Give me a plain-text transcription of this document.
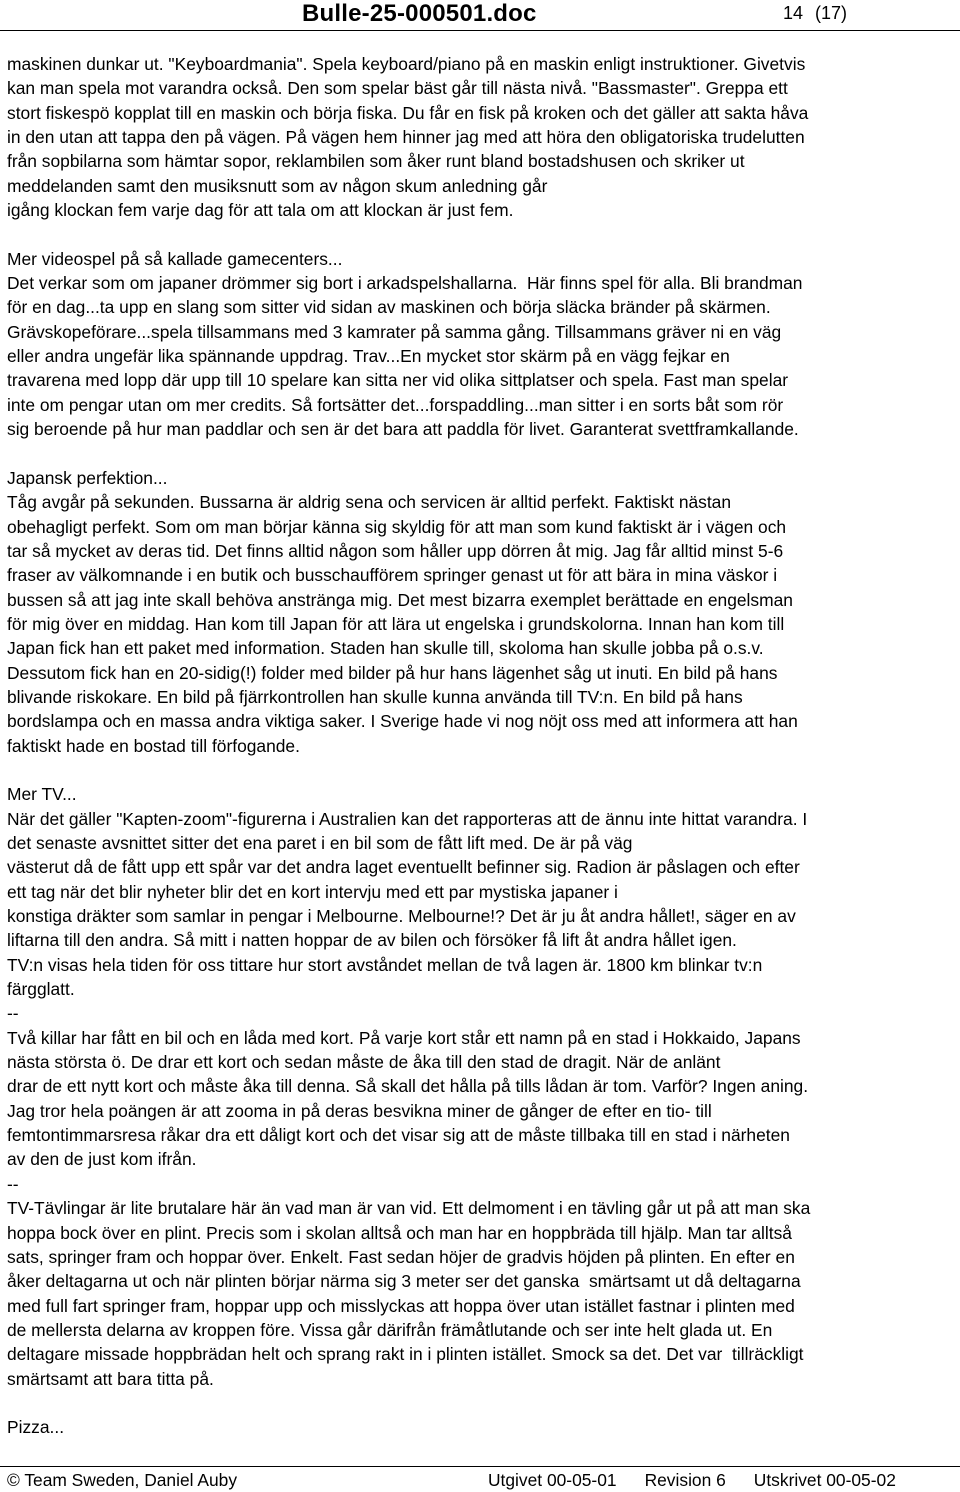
Bulle-25-000501.doc	14 (17)
maskinen dunkar ut. "Keyboardmania". Spela keyboard/piano på en maskin enligt instruktioner. Givetvis
kan man spela mot varandra också. Den som spelar bäst går till nästa nivå. "Bassmaster". Greppa ett
stort fiskespö kopplat till en maskin och börja fiska. Du får en fisk på kroken och det gäller att sakta håva
in den utan att tappa den på vägen. På vägen hem hinner jag med att höra den obligatoriska trudelutten
från sopbilarna som hämtar sopor, reklambilen som åker runt bland bostadshusen och skriker ut
meddelanden samt den musiksnutt som av någon skum anledning går
igång klockan fem varje dag för att tala om att klockan är just fem.
Mer videospel på så kallade gamecenters...
Det verkar som om japaner drömmer sig bort i arkadspelshallarna.  Här finns spel för alla. Bli brandman
för en dag...ta upp en slang som sitter vid sidan av maskinen och börja släcka bränder på skärmen.
Grävskopeförare...spela tillsammans med 3 kamrater på samma gång. Tillsammans gräver ni en väg
eller andra ungefär lika spännande uppdrag. Trav...En mycket stor skärm på en vägg fejkar en
travarena med lopp där upp till 10 spelare kan sitta ner vid olika sittplatser och spela. Fast man spelar
inte om pengar utan om mer credits. Så fortsätter det...forspaddling...man sitter i en sorts båt som rör
sig beroende på hur man paddlar och sen är det bara att paddla för livet. Garanterat svettframkallande.
Japansk perfektion...
Tåg avgår på sekunden. Bussarna är aldrig sena och servicen är alltid perfekt. Faktiskt nästan
obehagligt perfekt. Som om man börjar känna sig skyldig för att man som kund faktiskt är i vägen och
tar så mycket av deras tid. Det finns alltid någon som håller upp dörren åt mig. Jag får alltid minst 5-6
fraser av välkomnande i en butik och busschaufförem springer genast ut för att bära in mina väskor i
bussen så att jag inte skall behöva anstränga mig. Det mest bizarra exemplet berättade en engelsman
för mig över en middag. Han kom till Japan för att lära ut engelska i grundskolorna. Innan han kom till
Japan fick han ett paket med information. Staden han skulle till, skoloma han skulle jobba på o.s.v.
Dessutom fick han en 20-sidig(!) folder med bilder på hur hans lägenhet såg ut inuti. En bild på hans
blivande riskokare. En bild på fjärrkontrollen han skulle kunna använda till TV:n. En bild på hans
bordslampa och en massa andra viktiga saker. I Sverige hade vi nog nöjt oss med att informera att han
faktiskt hade en bostad till förfogande.
Mer TV...
När det gäller "Kapten-zoom"-figurerna i Australien kan det rapporteras att de ännu inte hittat varandra. I
det senaste avsnittet sitter det ena paret i en bil som de fått lift med. De är på väg
västerut då de fått upp ett spår var det andra laget eventuellt befinner sig. Radion är påslagen och efter
ett tag när det blir nyheter blir det en kort intervju med ett par mystiska japaner i
konstiga dräkter som samlar in pengar i Melbourne. Melbourne!? Det är ju åt andra hållet!, säger en av
liftarna till den andra. Så mitt i natten hoppar de av bilen och försöker få lift åt andra hållet igen.
TV:n visas hela tiden för oss tittare hur stort avståndet mellan de två lagen är. 1800 km blinkar tv:n
färgglatt.
--
Två killar har fått en bil och en låda med kort. På varje kort står ett namn på en stad i Hokkaido, Japans
nästa största ö. De drar ett kort och sedan måste de åka till den stad de dragit. När de anlänt
drar de ett nytt kort och måste åka till denna. Så skall det hålla på tills lådan är tom. Varför? Ingen aning.
Jag tror hela poängen är att zooma in på deras besvikna miner de gånger de efter en tio- till
femtontimmarsresa råkar dra ett dåligt kort och det visar sig att de måste tillbaka till en stad i närheten
av den de just kom ifrån.
--
TV-Tävlingar är lite brutalare här än vad man är van vid. Ett delmoment i en tävling går ut på att man ska
hoppa bock över en plint. Precis som i skolan alltså och man har en hoppbräda till hjälp. Man tar alltså
sats, springer fram och hoppar över. Enkelt. Fast sedan höjer de gradvis höjden på plinten. En efter en
åker deltagarna ut och när plinten börjar närma sig 3 meter ser det ganska  smärtsamt ut då deltagarna
med full fart springer fram, hoppar upp och misslyckas att hoppa över utan istället fastnar i plinten med
de mellersta delarna av kroppen före. Vissa går därifrån främåtlutande och ser inte helt glada ut. En
deltagare missade hoppbrädan helt och sprang rakt in i plinten istället. Smock sa det. Det var  tillräckligt
smärtsamt att bara titta på.
Pizza...
© Team Sweden, Daniel Auby	Utgivet 00-05-01 Revision 6 Utskrivet 00-05-02
